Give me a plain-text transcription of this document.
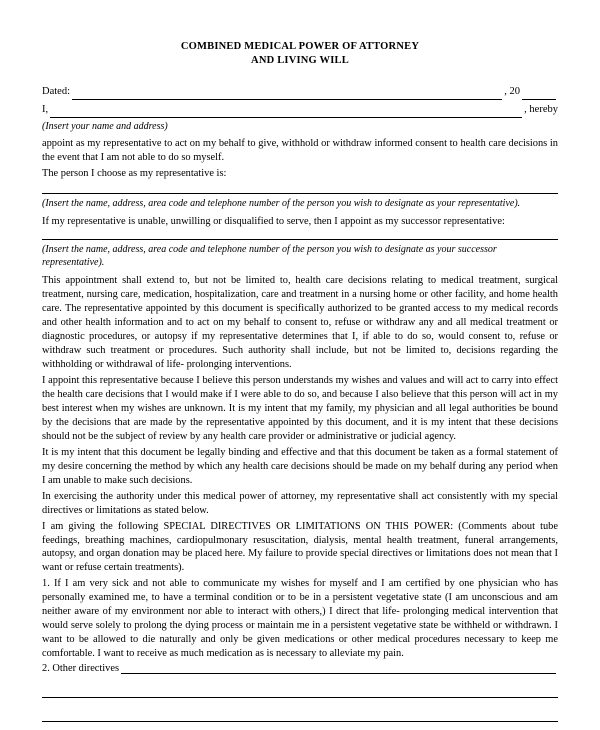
COMBINED MEDICAL POWER OF ATTORNEY
AND LIVING WILL
Dated:	, 20
I,	, hereby
(Insert your name and address)

appoint as my representative to act on my behalf to give, withhold or withdraw informed consent to health care decisions in the event that I am not able to do so myself.

The person I choose as my representative is:

(Insert the name, address, area code and telephone number of the person you wish to designate as your representative).

If my representative is unable, unwilling or disqualified to serve, then I appoint as my successor representative:

(Insert the name, address, area code and telephone number of the person you wish to designate as your successor representative).

This appointment shall extend to, but not be limited to, health care decisions relating to medical treatment, surgical treatment, nursing care, medication, hospitalization, care and treatment in a nursing home or other facility, and home health care. The representative appointed by this document is specifically authorized to be granted access to my medical records and other health information and to act on my behalf to consent to, refuse or withdraw any and all medical treatment or diagnostic procedures, or autopsy if my representative determines that I, if able to do so, would consent to, refuse or withdraw such treatment or procedures. Such authority shall include, but not be limited to, decisions regarding the withholding or withdrawal of life- prolonging interventions.

I appoint this representative because I believe this person understands my wishes and values and will act to carry into effect the health care decisions that I would make if I were able to do so, and because I also believe that this person will act in my best interest when my wishes are unknown. It is my intent that my family, my physician and all legal authorities be bound by the decisions that are made by the representative appointed by this document, and it is my intent that these decisions should not be the subject of review by any health care provider or administrative or judicial agency.

It is my intent that this document be legally binding and effective and that this document be taken as a formal statement of my desire concerning the method by which any health care decisions should be made on my behalf during any period when I am unable to make such decisions.

In exercising the authority under this medical power of attorney, my representative shall act consistently with my special directives or limitations as stated below.

I am giving the following SPECIAL DIRECTIVES OR LIMITATIONS ON THIS POWER: (Comments about tube feedings, breathing machines, cardiopulmonary resuscitation, dialysis, mental health treatment, funeral arrangements, autopsy, and organ donation may be placed here. My failure to provide special directives or limitations does not mean that I want or refuse certain treatments).

1. If I am very sick and not able to communicate my wishes for myself and I am certified by one physician who has personally examined me, to have a terminal condition or to be in a persistent vegetative state (I am unconscious and am neither aware of my environment nor able to interact with others,) I direct that life- prolonging medical intervention that would serve solely to prolong the dying process or maintain me in a persistent vegetative state be withheld or withdrawn. I want to be allowed to die naturally and only be given medications or other medical procedures necessary to keep me comfortable. I want to receive as much medication as is necessary to alleviate my pain.

2. Other directives
